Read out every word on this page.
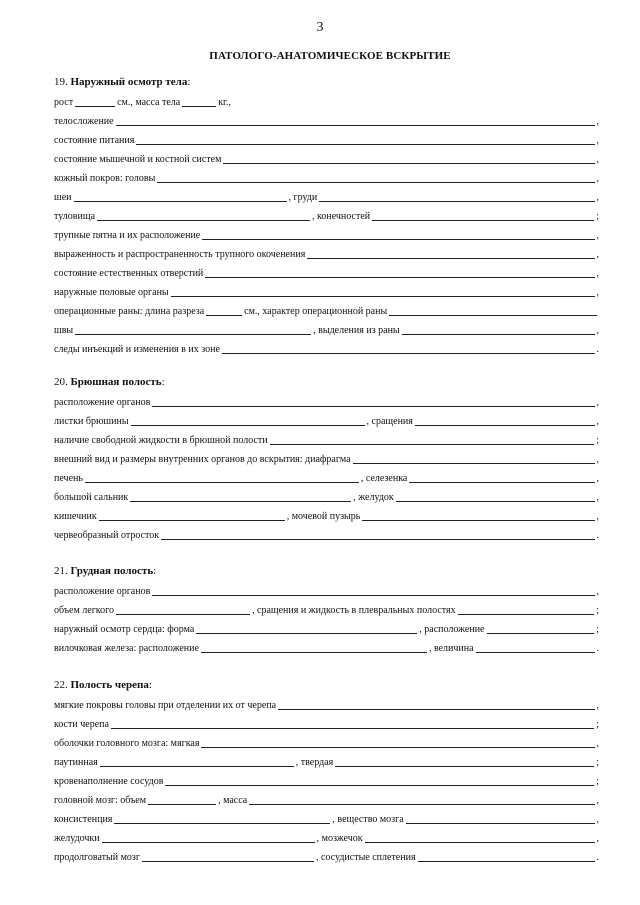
3
ПАТОЛОГО-АНАТОМИЧЕСКОЕ ВСКРЫТИЕ
19. Наружный осмотр тела:
рост	см., масса тела	кг.,
телосложение	,
состояние питания	,
состояние мышечной и костной систем	,
кожный покров: головы	,
шеи	, груди	,
туловища	, конечностей	;
трупные пятна и их расположение	,
выраженность и распространенность трупного окоченения	,
состояние естественных отверстий	,
наружные половые органы	,
операционные раны: длина разреза	см., характер операционной раны
швы	, выделения из раны	,
следы инъекций и изменения в их зоне	.
20. Брюшная полость:
расположение органов	,
листки брюшины	, сращения	,
наличие свободной жидкости в брюшной полости	;
внешний вид и размеры внутренних органов до вскрытия: диафрагма	,
печень	, селезенка	,
большой сальник	, желудок	,
кишечник	, мочевой пузырь	,
червеобразный отросток	.
21. Грудная полость:
расположение органов	,
объем легкого	, сращения и жидкость в плевральных полостях	;
наружный осмотр сердца: форма	, расположение	;
вилочковая железа: расположение	, величина	.
22. Полость черепа:
мягкие покровы головы при отделении их от черепа	,
кости черепа	;
оболочки головного мозга: мягкая	,
паутинная	, твердая	;
кровенаполнение сосудов	;
головной мозг: объем	, масса	,
консистенция	, вещество мозга	,
желудочки	, мозжечок	,
продолговатый мозг	, сосудистые сплетения	.
